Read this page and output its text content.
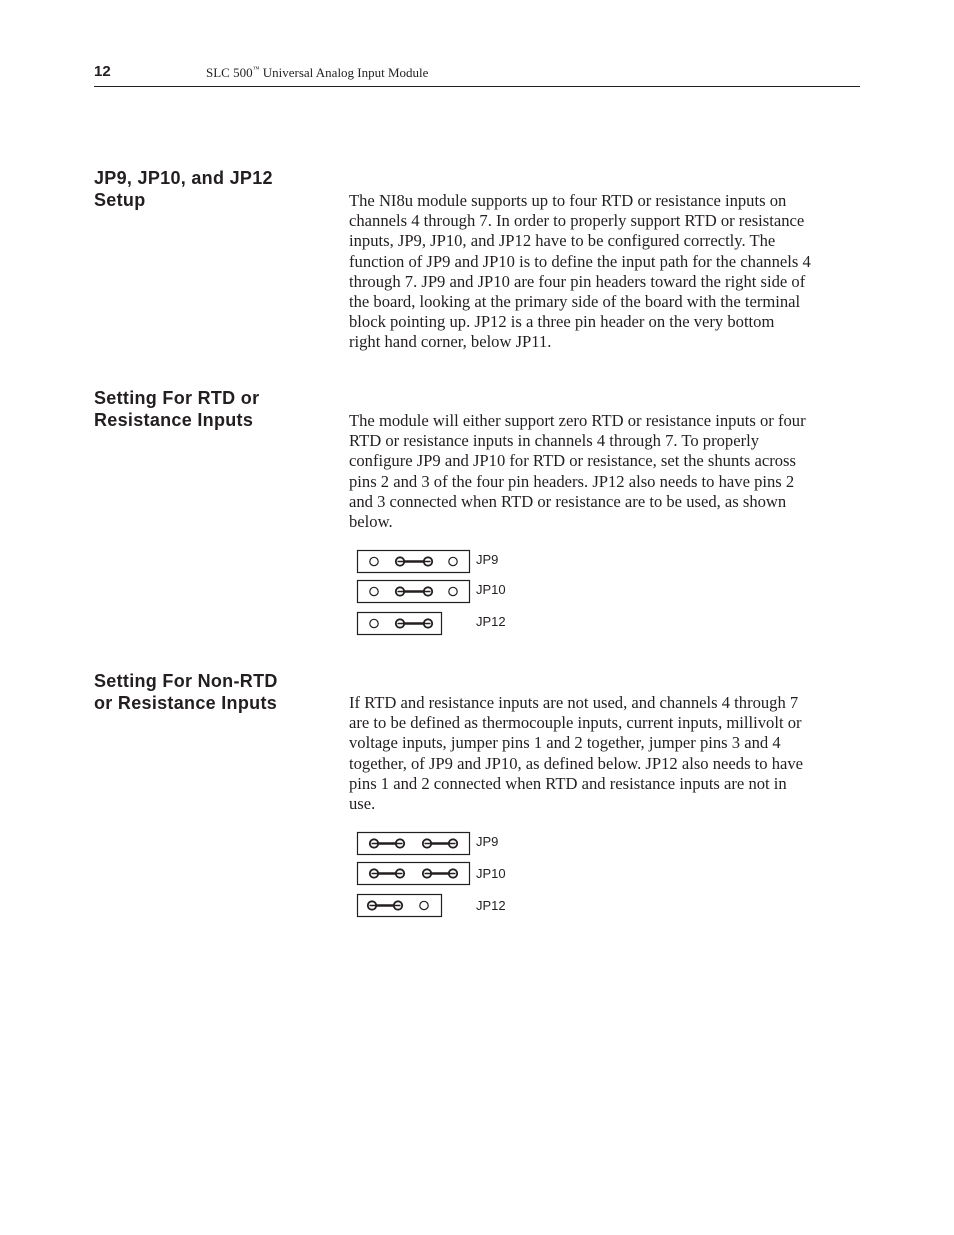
12	SLC 500™ Universal Analog Input Module
JP9, JP10, and JP12
Setup	The NI8u module supports up to four RTD or resistance inputs on
channels 4 through 7. In order to properly support RTD or resistance
inputs, JP9, JP10, and JP12 have to be configured correctly. The
function of JP9 and JP10 is to define the input path for the channels 4
through 7. JP9 and JP10 are four pin headers toward the right side of
the board, looking at the primary side of the board with the terminal
block pointing up. JP12 is a three pin header on the very bottom
right hand corner, below JP11.
Setting For RTD or
Resistance Inputs	The module will either support zero RTD or resistance inputs or four
RTD or resistance inputs in channels 4 through 7. To properly
configure JP9 and JP10 for RTD or resistance, set the shunts across
pins 2 and 3 of the four pin headers. JP12 also needs to have pins 2
and 3 connected when RTD or resistance are to be used, as shown
below.
JP9
JP10
JP12
Setting For Non-RTD
or Resistance Inputs	If RTD and resistance inputs are not used, and channels 4 through 7
are to be defined as thermocouple inputs, current inputs, millivolt or
voltage inputs, jumper pins 1 and 2 together, jumper pins 3 and 4
together, of JP9 and JP10, as defined below. JP12 also needs to have
pins 1 and 2 connected when RTD and resistance inputs are not in
use.
JP9
JP10
JP12
